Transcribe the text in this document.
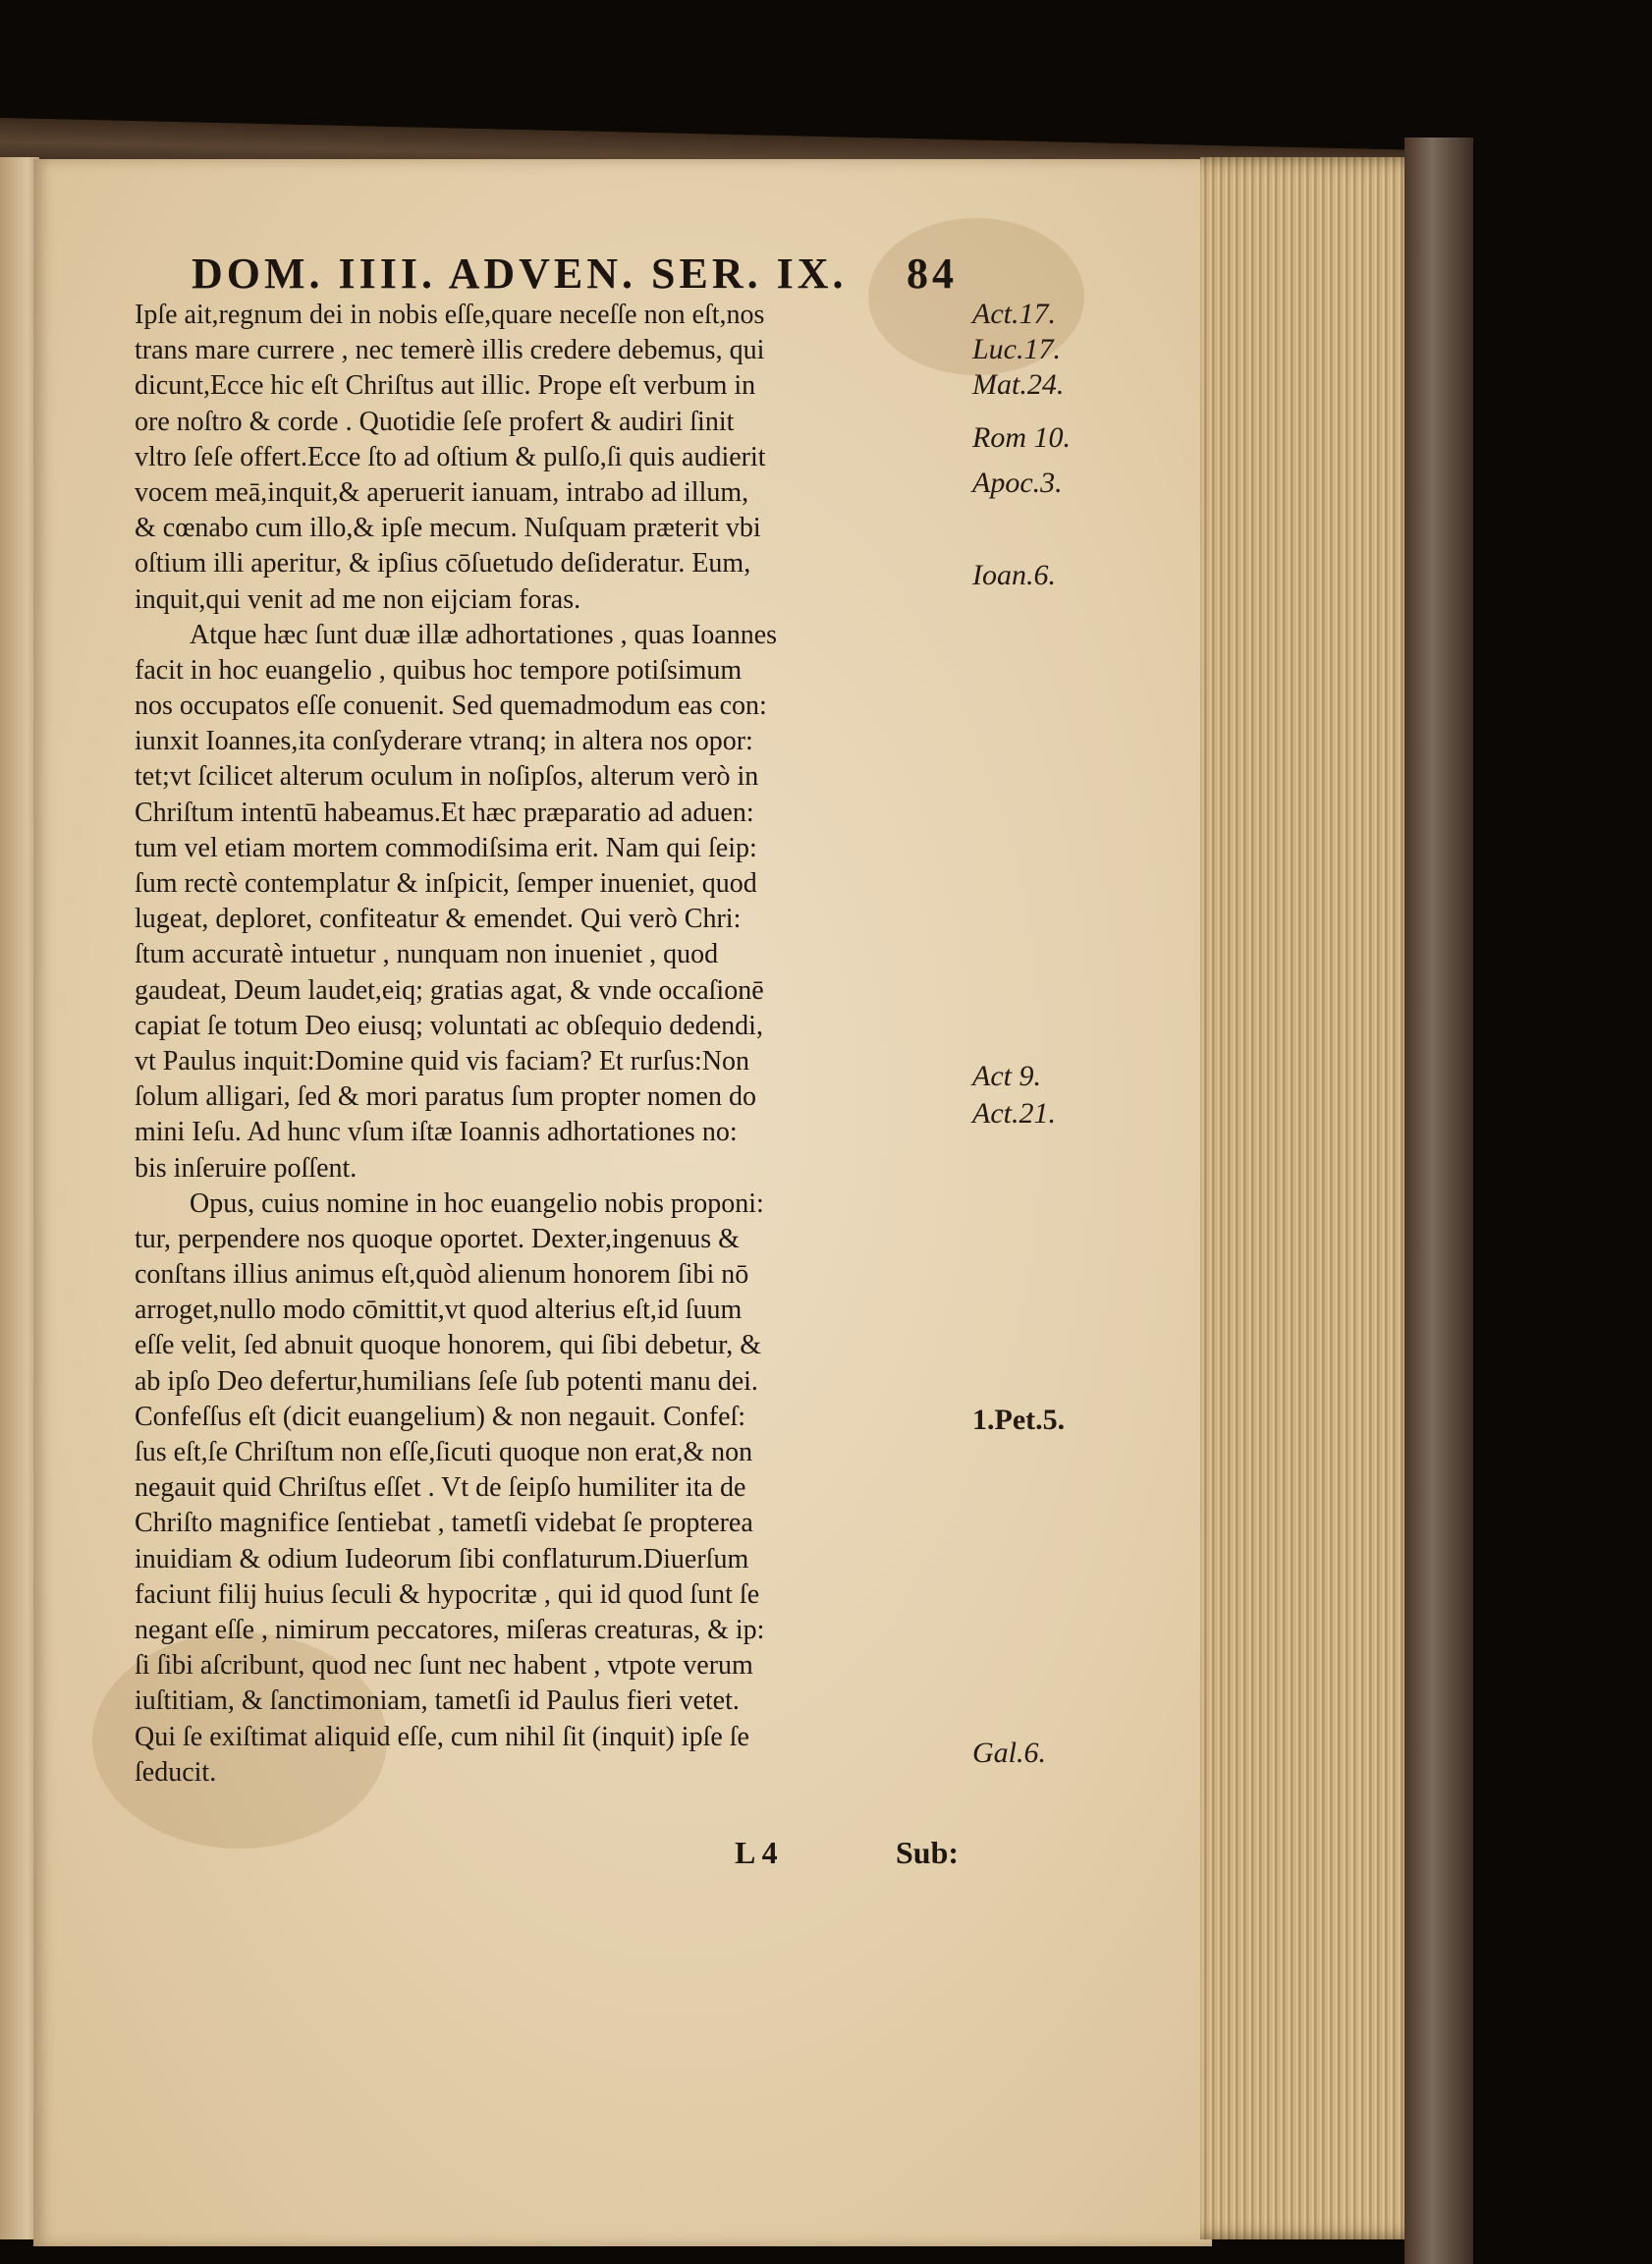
DOM. IIII. ADVEN. SER. IX. 84
Ipſe ait,regnum dei in nobis eſſe,quare neceſſe non eſt,nos
trans mare currere , nec temerè illis credere debemus, qui
dicunt,Ecce hic eſt Chriſtus aut illic. Prope eſt verbum in
ore noſtro & corde . Quotidie ſeſe profert & audiri ſinit
vltro ſeſe offert.Ecce ſto ad oſtium & pulſo,ſi quis audierit
vocem meā,inquit,& aperuerit ianuam, intrabo ad illum,
& cœnabo cum illo,& ipſe mecum. Nuſquam præterit vbi
oſtium illi aperitur, & ipſius cōſuetudo deſideratur. Eum,
inquit,qui venit ad me non eijciam foras.
Atque hæc ſunt duæ illæ adhortationes , quas Ioannes
facit in hoc euangelio , quibus hoc tempore potiſsimum
nos occupatos eſſe conuenit. Sed quemadmodum eas con:
iunxit Ioannes,ita conſyderare vtranq; in altera nos opor:
tet;vt ſcilicet alterum oculum in noſipſos, alterum verò in
Chriſtum intentū habeamus.Et hæc præparatio ad aduen:
tum vel etiam mortem commodiſsima erit. Nam qui ſeip:
ſum rectè contemplatur & inſpicit, ſemper inueniet, quod
lugeat, deploret, confiteatur & emendet. Qui verò Chri:
ſtum accuratè intuetur , nunquam non inueniet , quod
gaudeat, Deum laudet,eiq; gratias agat, & vnde occaſionē
capiat ſe totum Deo eiusq; voluntati ac obſequio dedendi,
vt Paulus inquit:Domine quid vis faciam? Et rurſus:Non
ſolum alligari, ſed & mori paratus ſum propter nomen do
mini Ieſu. Ad hunc vſum iſtæ Ioannis adhortationes no:
bis inſeruire poſſent.
Opus, cuius nomine in hoc euangelio nobis proponi:
tur, perpendere nos quoque oportet. Dexter,ingenuus &
conſtans illius animus eſt,quòd alienum honorem ſibi nō
arroget,nullo modo cōmittit,vt quod alterius eſt,id ſuum
eſſe velit, ſed abnuit quoque honorem, qui ſibi debetur, &
ab ipſo Deo defertur,humilians ſeſe ſub potenti manu dei.
Confeſſus eſt (dicit euangelium) & non negauit. Confeſ:
ſus eſt,ſe Chriſtum non eſſe,ſicuti quoque non erat,& non
negauit quid Chriſtus eſſet . Vt de ſeipſo humiliter ita de
Chriſto magnifice ſentiebat , tametſi videbat ſe propterea
inuidiam & odium Iudeorum ſibi conflaturum.Diuerſum
faciunt filij huius ſeculi & hypocritæ , qui id quod ſunt ſe
negant eſſe , nimirum peccatores, miſeras creaturas, & ip:
ſi ſibi aſcribunt, quod nec ſunt nec habent , vtpote verum
iuſtitiam, & ſanctimoniam, tametſi id Paulus fieri vetet.
Qui ſe exiſtimat aliquid eſſe, cum nihil ſit (inquit) ipſe ſe
ſeducit.
Act.17.
Luc.17.
Mat.24.
Rom 10.
Apoc.3.
Ioan.6.
Act 9.
Act.21.
1.Pet.5.
Gal.6.
L 4	Sub:
